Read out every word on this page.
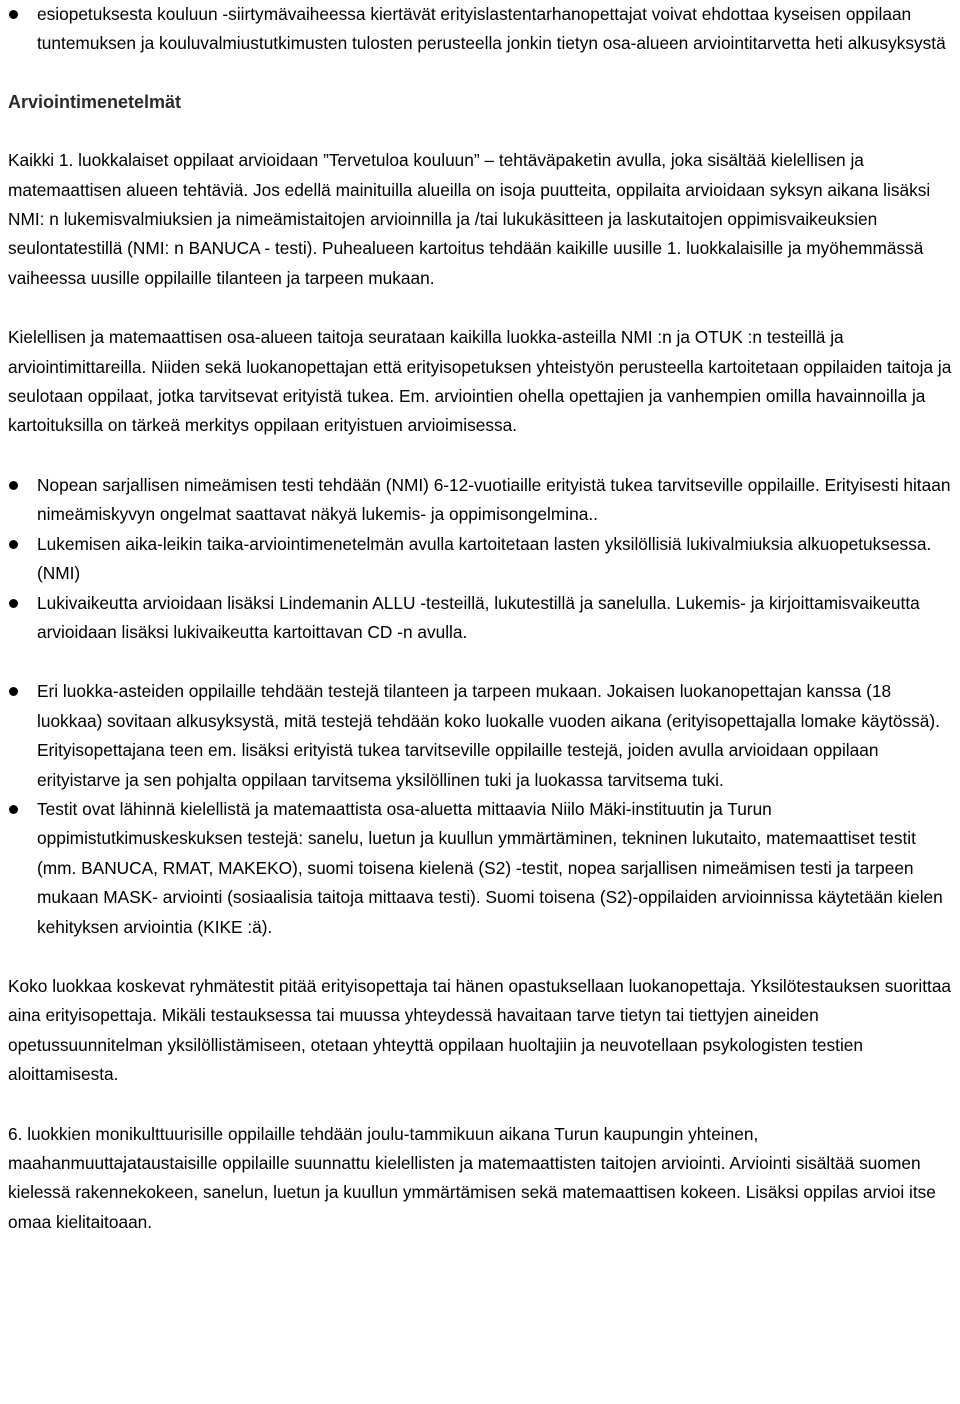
esiopetuksesta kouluun -siirtymävaiheessa kiertävät erityislastentarhanopettajat voivat ehdottaa kyseisen oppilaan tuntemuksen ja kouluvalmiustutkimusten tulosten perusteella jonkin tietyn osa-alueen arviointitarvetta heti alkusyksystä

Arviointimenetelmät

Kaikki 1. luokkalaiset oppilaat arvioidaan ”Tervetuloa kouluun” – tehtäväpaketin avulla, joka sisältää kielellisen ja matemaattisen alueen tehtäviä. Jos edellä mainituilla alueilla on isoja puutteita, oppilaita arvioidaan syksyn aikana lisäksi NMI: n lukemisvalmiuksien ja nimeämistaitojen arvioinnilla ja /tai lukukäsitteen ja laskutaitojen oppimisvaikeuksien seulontatestillä (NMI: n BANUCA - testi). Puhealueen kartoitus tehdään kaikille uusille 1. luokkalaisille ja myöhemmässä vaiheessa uusille oppilaille tilanteen ja tarpeen mukaan.

Kielellisen ja matemaattisen osa-alueen taitoja seurataan kaikilla luokka-asteilla NMI :n ja OTUK :n testeillä ja arviointimittareilla. Niiden sekä luokanopettajan että erityisopetuksen yhteistyön perusteella kartoitetaan oppilaiden taitoja ja seulotaan oppilaat, jotka tarvitsevat erityistä tukea. Em. arviointien ohella opettajien ja vanhempien omilla havainnoilla ja kartoituksilla on tärkeä merkitys oppilaan erityistuen arvioimisessa.

Nopean sarjallisen nimeämisen testi tehdään (NMI) 6-12-vuotiaille erityistä tukea tarvitseville oppilaille. Erityisesti hitaan nimeämiskyvyn ongelmat saattavat näkyä lukemis- ja oppimisongelmina..
Lukemisen aika-leikin taika-arviointimenetelmän avulla kartoitetaan lasten yksilöllisiä lukivalmiuksia alkuopetuksessa. (NMI)
Lukivaikeutta arvioidaan lisäksi Lindemanin ALLU -testeillä, lukutestillä ja sanelulla. Lukemis- ja kirjoittamisvaikeutta arvioidaan lisäksi lukivaikeutta kartoittavan CD -n avulla.
Eri luokka-asteiden oppilaille tehdään testejä tilanteen ja tarpeen mukaan. Jokaisen luokanopettajan kanssa (18 luokkaa) sovitaan alkusyksystä, mitä testejä tehdään koko luokalle vuoden aikana (erityisopettajalla lomake käytössä). Erityisopettajana teen em. lisäksi erityistä tukea tarvitseville oppilaille testejä, joiden avulla arvioidaan oppilaan erityistarve ja sen pohjalta oppilaan tarvitsema yksilöllinen tuki ja luokassa tarvitsema tuki.
Testit ovat lähinnä kielellistä ja matemaattista osa-aluetta mittaavia Niilo Mäki-instituutin ja Turun oppimistutkimuskeskuksen testejä: sanelu, luetun ja kuullun ymmärtäminen, tekninen lukutaito, matemaattiset testit (mm. BANUCA, RMAT, MAKEKO), suomi toisena kielenä (S2) -testit, nopea sarjallisen nimeämisen testi ja tarpeen mukaan MASK- arviointi (sosiaalisia taitoja mittaava testi). Suomi toisena (S2)-oppilaiden arvioinnissa käytetään kielen kehityksen arviointia (KIKE :ä).

Koko luokkaa koskevat ryhmätestit pitää erityisopettaja tai hänen opastuksellaan luokanopettaja. Yksilötestauksen suorittaa aina erityisopettaja. Mikäli testauksessa tai muussa yhteydessä havaitaan tarve tietyn tai tiettyjen aineiden opetussuunnitelman yksilöllistämiseen, otetaan yhteyttä oppilaan huoltajiin ja neuvotellaan psykologisten testien aloittamisesta.

6. luokkien monikulttuurisille oppilaille tehdään joulu-tammikuun aikana Turun kaupungin yhteinen, maahanmuuttajataustaisille oppilaille suunnattu kielellisten ja matemaattisten taitojen arviointi. Arviointi sisältää suomen kielessä rakennekokeen, sanelun, luetun ja kuullun ymmärtämisen sekä matemaattisen kokeen. Lisäksi oppilas arvioi itse omaa kielitaitoaan.
